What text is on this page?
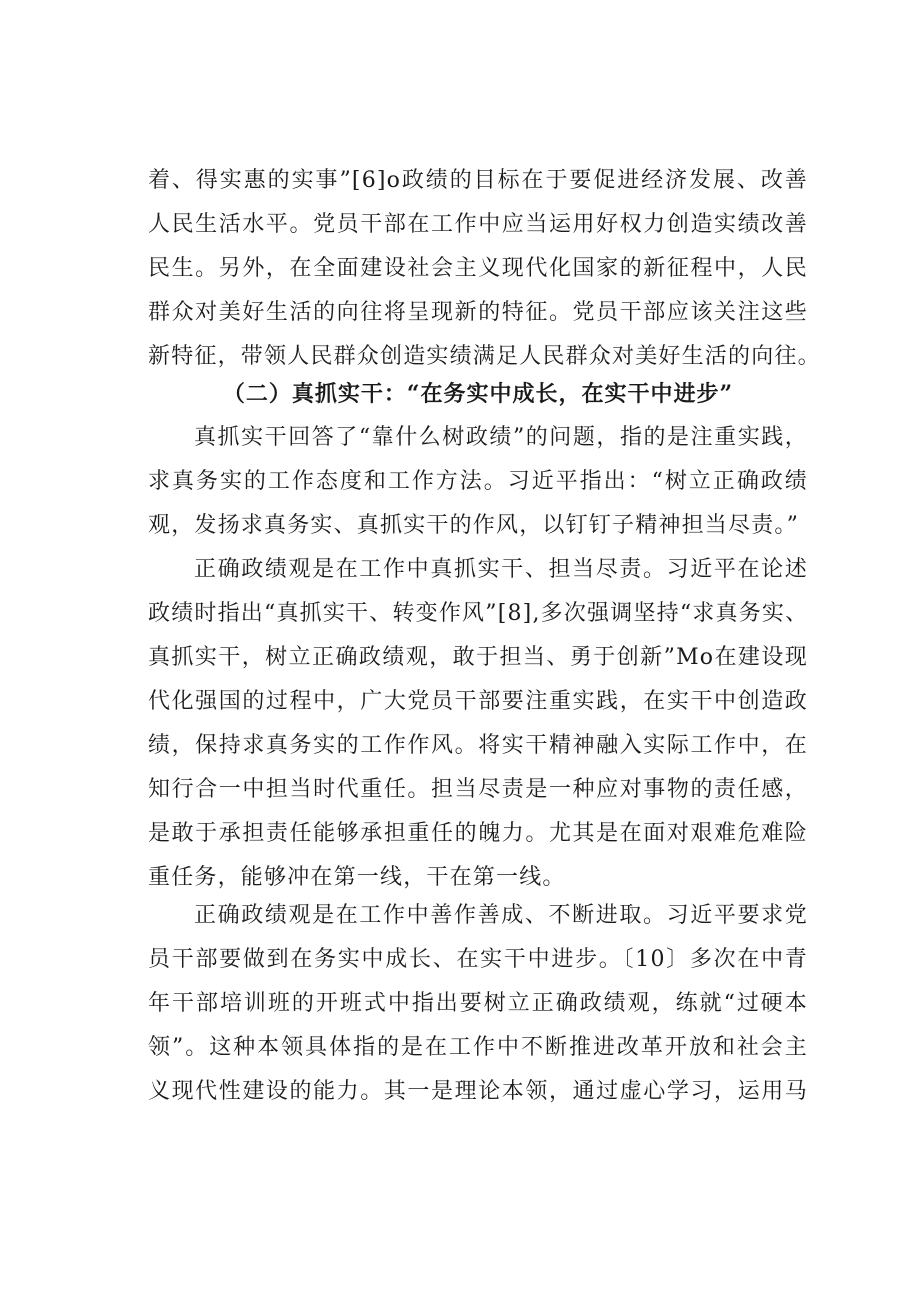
着、得实惠的实事”[6]o政绩的目标在于要促进经济发展、改善
人民生活水平。党员干部在工作中应当运用好权力创造实绩改善
民生。另外，在全面建设社会主义现代化国家的新征程中，人民
群众对美好生活的向往将呈现新的特征。党员干部应该关注这些
新特征，带领人民群众创造实绩满足人民群众对美好生活的向往。
（二）真抓实干：“在务实中成长，在实干中进步”
真抓实干回答了“靠什么树政绩”的问题，指的是注重实践，
求真务实的工作态度和工作方法。习近平指出：“树立正确政绩
观，发扬求真务实、真抓实干的作风，以钉钉子精神担当尽责。”
正确政绩观是在工作中真抓实干、担当尽责。习近平在论述
政绩时指出“真抓实干、转变作风”[8],多次强调坚持“求真务实、
真抓实干，树立正确政绩观，敢于担当、勇于创新”Mo在建设现
代化强国的过程中，广大党员干部要注重实践，在实干中创造政
绩，保持求真务实的工作作风。将实干精神融入实际工作中，在
知行合一中担当时代重任。担当尽责是一种应对事物的责任感，
是敢于承担责任能够承担重任的魄力。尤其是在面对艰难危难险
重任务，能够冲在第一线，干在第一线。
正确政绩观是在工作中善作善成、不断进取。习近平要求党
员干部要做到在务实中成长、在实干中进步。〔10〕多次在中青
年干部培训班的开班式中指出要树立正确政绩观，练就“过硬本
领”。这种本领具体指的是在工作中不断推进改革开放和社会主
义现代性建设的能力。其一是理论本领，通过虚心学习，运用马
